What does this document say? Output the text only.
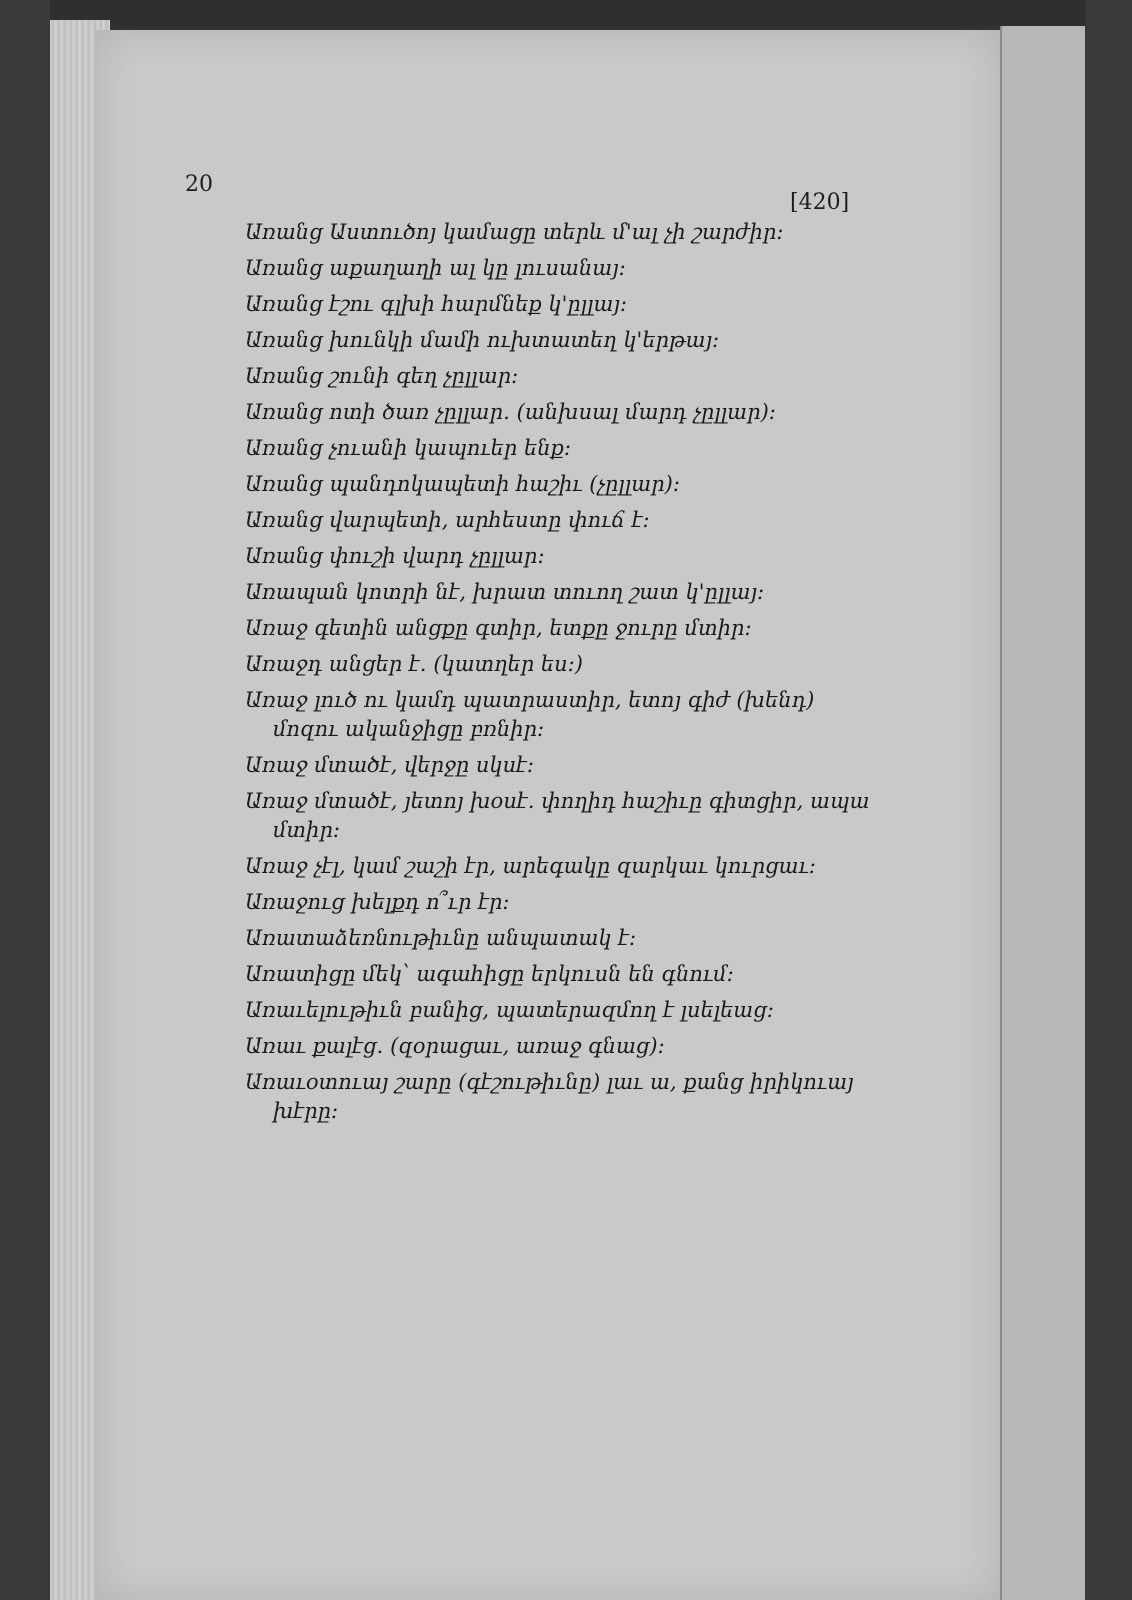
20
[420]

Առանց Աստուծոյ կամացը տերև մ'ալ չի շարժիր։

Առանց աքաղաղի ալ կը լուսանայ։

Առանց էշու գլխի հարմնեք կ'ըլլայ։

Առանց խունկի մամի ուխտատեղ կ'երթայ։

Առանց շունի գեղ չըլլար։

Առանց ոտի ծառ չըլլար․ (անխսալ մարդ չըլլար)։

Առանց չուանի կապուեր ենք։

Առանց պանդոկապետի հաշիւ (չըլլար)։

Առանց վարպետի, արհեստը փուճ է։

Առանց փուշի վարդ չըլլար։

Առապան կոտրի նէ, խրատ տուող շատ կ'ըլլայ։

Առաջ գետին անցքը գտիր, ետքը ջուրը մտիր։

Առաջդ անցեր է․ (կատղեր ես։)

Առաջ լուծ ու կամդ պատրաստիր, ետոյ գիժ (խենդ) մոզու ականջիցը բռնիր։

Առաջ մտածէ, վերջը սկսէ։

Առաջ մտածէ, յետոյ խօսէ․ փողիդ հաշիւը գիտցիր, ապա մտիր։

Առաջ չէլ, կամ շաշի էր, արեգակը զարկաւ կուրցաւ։

Առաջուց խելքդ ո՞ւր էր։

Առատաձեռնութիւնը անպատակ է։

Առատիցը մեկ՝ ագահիցը երկուսն են գնում։

Առաւելութիւն բանից, պատերազմող է լսելեաց։

Առաւ քալէց․ (զօրացաւ, առաջ գնաց)։

Առաւօտուայ շարը (գէշութիւնը) լաւ ա, քանց իրիկուայ խէրը։
